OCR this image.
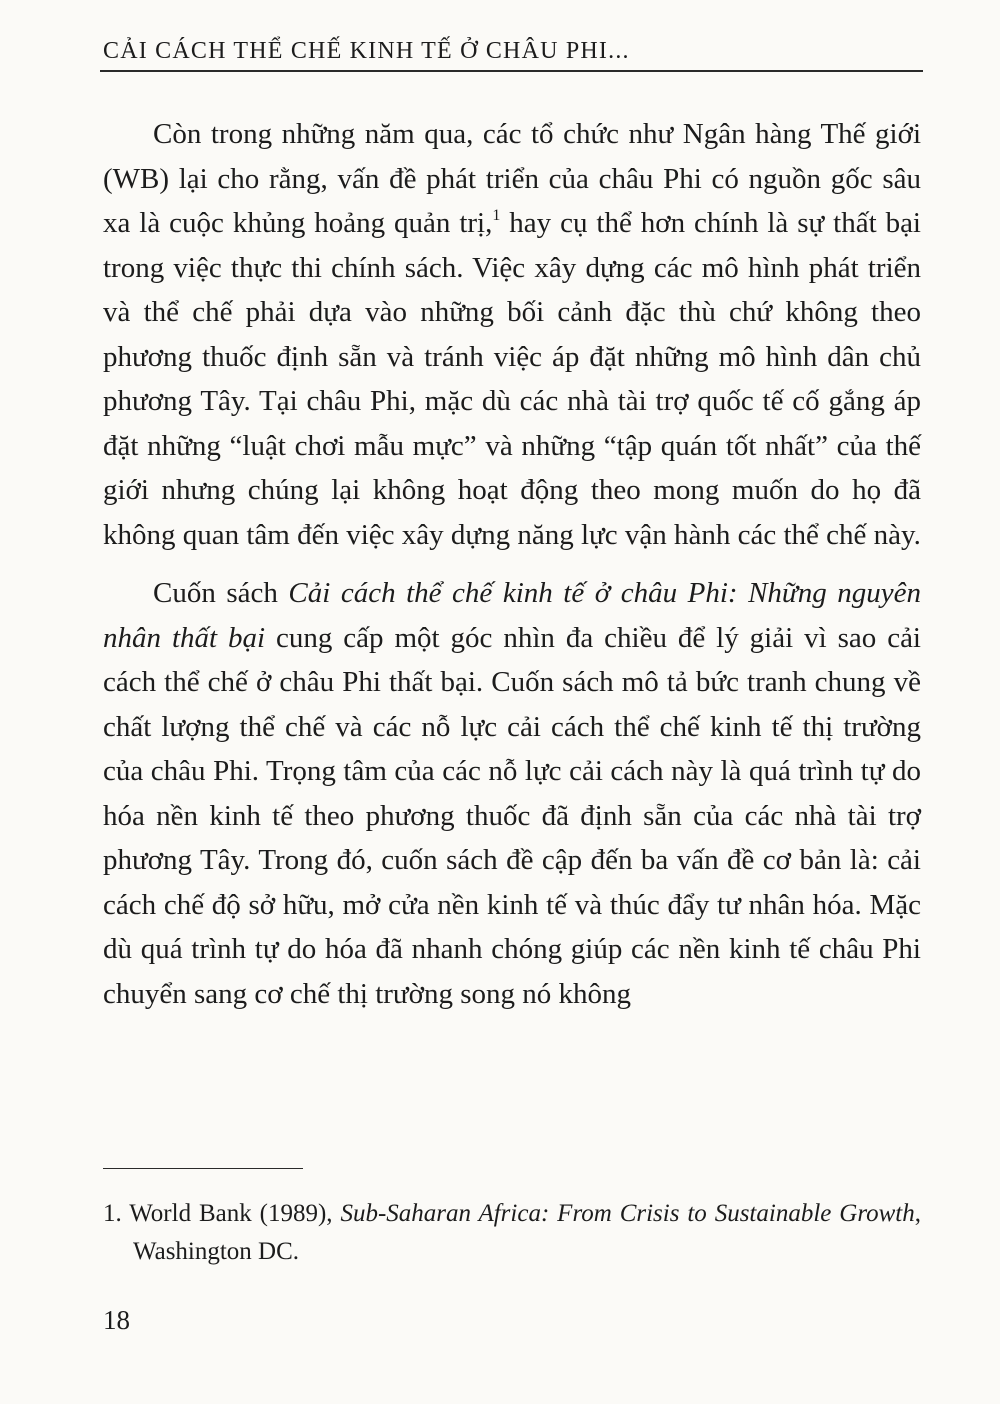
CẢI CÁCH THỂ CHẾ KINH TẾ Ở CHÂU PHI...

Còn trong những năm qua, các tổ chức như Ngân hàng Thế giới (WB) lại cho rằng, vấn đề phát triển của châu Phi có nguồn gốc sâu xa là cuộc khủng hoảng quản trị,$^1$ hay cụ thể hơn chính là sự thất bại trong việc thực thi chính sách. Việc xây dựng các mô hình phát triển và thể chế phải dựa vào những bối cảnh đặc thù chứ không theo phương thuốc định sẵn và tránh việc áp đặt những mô hình dân chủ phương Tây. Tại châu Phi, mặc dù các nhà tài trợ quốc tế cố gắng áp đặt những “luật chơi mẫu mực” và những “tập quán tốt nhất” của thế giới nhưng chúng lại không hoạt động theo mong muốn do họ đã không quan tâm đến việc xây dựng năng lực vận hành các thể chế này.

Cuốn sách Cải cách thể chế kinh tế ở châu Phi: Những nguyên nhân thất bại cung cấp một góc nhìn đa chiều để lý giải vì sao cải cách thể chế ở châu Phi thất bại. Cuốn sách mô tả bức tranh chung về chất lượng thể chế và các nỗ lực cải cách thể chế kinh tế thị trường của châu Phi. Trọng tâm của các nỗ lực cải cách này là quá trình tự do hóa nền kinh tế theo phương thuốc đã định sẵn của các nhà tài trợ phương Tây. Trong đó, cuốn sách đề cập đến ba vấn đề cơ bản là: cải cách chế độ sở hữu, mở cửa nền kinh tế và thúc đẩy tư nhân hóa. Mặc dù quá trình tự do hóa đã nhanh chóng giúp các nền kinh tế châu Phi chuyển sang cơ chế thị trường song nó không

1. World Bank (1989), Sub-Saharan Africa: From Crisis to Sustainable Growth, Washington DC.
18
